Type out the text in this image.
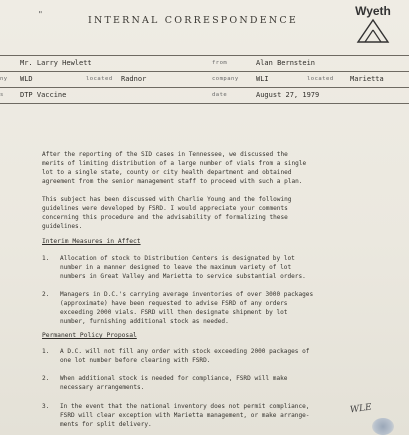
"
INTERNAL CORRESPONDENCE
Wyeth
Mr. Larry Hewlett	from	Alan Bernstein
ny WLD	located Radnor	company WLI	located Marietta
s DTP Vaccine	date	August 27, 1979
After the reporting of the SID cases in Tennessee, we discussed the
merits of limiting distribution of a large number of vials from a single
lot to a single state, county or city health department and obtained
agreement from the senior management staff to proceed with such a plan.
This subject has been discussed with Charlie Young and the following
guidelines were developed by FSRD. I would appreciate your comments
concerning this procedure and the advisability of formalizing these
guidelines.
Interim Measures in Affect
1. Allocation of stock to Distribution Centers is designated by lot
number in a manner designed to leave the maximum variety of lot
numbers in Great Valley and Marietta to service substantial orders.
2. Managers in D.C.'s carrying average inventories of over 3000 packages
(approximate) have been requested to advise FSRD of any orders
exceeding 2000 vials. FSRD will then designate shipment by lot
number, furnishing additional stock as needed.
Permanent Policy Proposal
1. A D.C. will not fill any order with stock exceeding 2000 packages of
one lot number before clearing with FSRD.
2. When additional stock is needed for compliance, FSRD will make
necessary arrangements.
3. In the event that the national inventory does not permit compliance,
FSRD will clear exception with Marietta management, or make arrange-
ments for split delivery.
WLE
